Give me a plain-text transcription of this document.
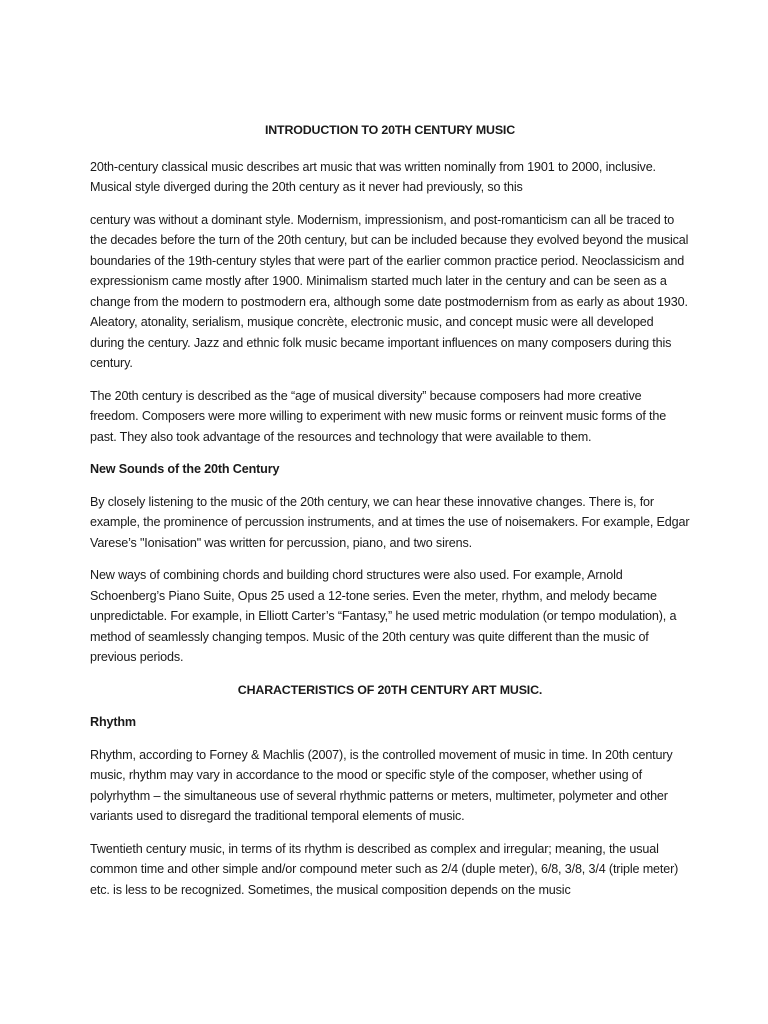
INTRODUCTION TO 20TH CENTURY MUSIC

20th-century classical music describes art music that was written nominally from 1901 to 2000, inclusive. Musical style diverged during the 20th century as it never had previously, so this

century was without a dominant style. Modernism, impressionism, and post-romanticism can all be traced to the decades before the turn of the 20th century, but can be included because they evolved beyond the musical boundaries of the 19th-century styles that were part of the earlier common practice period. Neoclassicism and expressionism came mostly after 1900. Minimalism started much later in the century and can be seen as a change from the modern to postmodern era, although some date postmodernism from as early as about 1930. Aleatory, atonality, serialism, musique concrète, electronic music, and concept music were all developed during the century. Jazz and ethnic folk music became important influences on many composers during this century.

The 20th century is described as the “age of musical diversity” because composers had more creative freedom. Composers were more willing to experiment with new music forms or reinvent music forms of the past. They also took advantage of the resources and technology that were available to them.

New Sounds of the 20th Century

By closely listening to the music of the 20th century, we can hear these innovative changes. There is, for example, the prominence of percussion instruments, and at times the use of noisemakers. For example, Edgar Varese’s "Ionisation" was written for percussion, piano, and two sirens.

New ways of combining chords and building chord structures were also used. For example, Arnold Schoenberg’s Piano Suite, Opus 25 used a 12-tone series. Even the meter, rhythm, and melody became unpredictable. For example, in Elliott Carter’s “Fantasy,” he used metric modulation (or tempo modulation), a method of seamlessly changing tempos. Music of the 20th century was quite different than the music of previous periods.

CHARACTERISTICS OF 20TH CENTURY ART MUSIC.

Rhythm

Rhythm, according to Forney & Machlis (2007), is the controlled movement of music in time. In 20th century music, rhythm may vary in accordance to the mood or specific style of the composer, whether using of polyrhythm – the simultaneous use of several rhythmic patterns or meters, multimeter, polymeter and other variants used to disregard the traditional temporal elements of music.

Twentieth century music, in terms of its rhythm is described as complex and irregular; meaning, the usual common time and other simple and/or compound meter such as 2/4 (duple meter), 6/8, 3/8, 3/4 (triple meter) etc. is less to be recognized. Sometimes, the musical composition depends on the music
